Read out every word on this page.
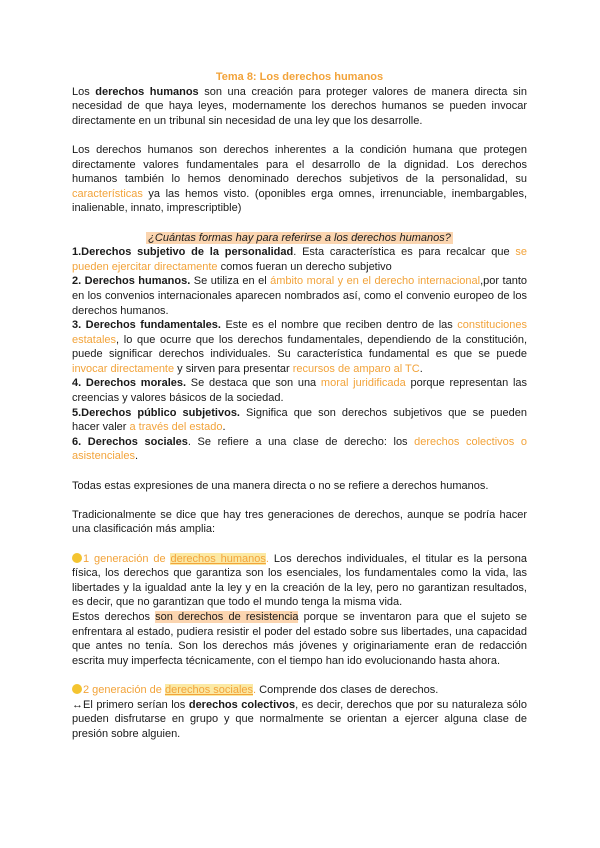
Tema 8: Los derechos humanos

Los derechos humanos son una creación para proteger valores de manera directa sin necesidad de que haya leyes, modernamente los derechos humanos se pueden invocar directamente en un tribunal sin necesidad de una ley que los desarrolle.

Los derechos humanos son derechos inherentes a la condición humana que protegen directamente valores fundamentales para el desarrollo de la dignidad. Los derechos humanos también lo hemos denominado derechos subjetivos de la personalidad, su características ya las hemos visto. (oponibles erga omnes, irrenunciable, inembargables, inalienable, innato, imprescriptible)

¿Cuántas formas hay para referirse a los derechos humanos?

1.Derechos subjetivo de la personalidad. Esta característica es para recalcar que se pueden ejercitar directamente comos fueran un derecho subjetivo

2. Derechos humanos. Se utiliza en el ámbito moral y en el derecho internacional,por tanto en los convenios internacionales aparecen nombrados así, como el convenio europeo de los derechos humanos.

3. Derechos fundamentales. Este es el nombre que reciben dentro de las constituciones estatales, lo que ocurre que los derechos fundamentales, dependiendo de la constitución, puede significar derechos individuales. Su característica fundamental es que se puede invocar directamente y sirven para presentar recursos de amparo al TC.

4. Derechos morales. Se destaca que son una moral juridificada porque representan las creencias y valores básicos de la sociedad.

5.Derechos público subjetivos. Significa que son derechos subjetivos que se pueden hacer valer a través del estado.

6. Derechos sociales. Se refiere a una clase de derecho: los derechos colectivos o asistenciales.

Todas estas expresiones de una manera directa o no se refiere a derechos humanos.

Tradicionalmente se dice que hay tres generaciones de derechos, aunque se podría hacer una clasificación más amplia:

1 generación de derechos humanos. Los derechos individuales, el titular es la persona física, los derechos que garantiza son los esenciales, los fundamentales como la vida, las libertades y la igualdad ante la ley y en la creación de la ley, pero no garantizan resultados, es decir, que no garantizan que todo el mundo tenga la misma vida.

Estos derechos son derechos de resistencia porque se inventaron para que el sujeto se enfrentara al estado, pudiera resistir el poder del estado sobre sus libertades, una capacidad que antes no tenía. Son los derechos más jóvenes y originariamente eran de redacción escrita muy imperfecta técnicamente, con el tiempo han ido evolucionando hasta ahora.

2 generación de derechos sociales. Comprende dos clases de derechos.

↔El primero serían los derechos colectivos, es decir, derechos que por su naturaleza sólo pueden disfrutarse en grupo y que normalmente se orientan a ejercer alguna clase de presión sobre alguien.
